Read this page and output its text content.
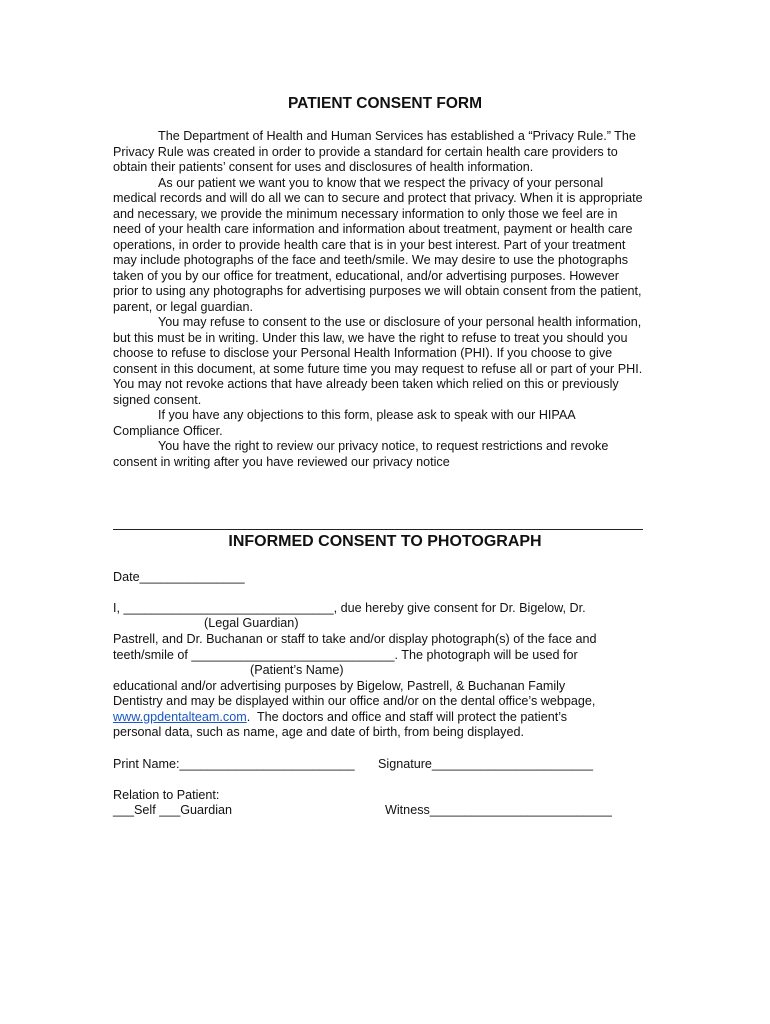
PATIENT CONSENT FORM

The Department of Health and Human Services has established a “Privacy Rule.” The Privacy Rule was created in order to provide a standard for certain health care providers to obtain their patients’ consent for uses and disclosures of health information.

As our patient we want you to know that we respect the privacy of your personal medical records and will do all we can to secure and protect that privacy. When it is appropriate and necessary, we provide the minimum necessary information to only those we feel are in need of your health care information and information about treatment, payment or health care operations, in order to provide health care that is in your best interest. Part of your treatment may include photographs of the face and teeth/smile. We may desire to use the photographs taken of you by our office for treatment, educational, and/or advertising purposes. However prior to using any photographs for advertising purposes we will obtain consent from the patient, parent, or legal guardian.

You may refuse to consent to the use or disclosure of your personal health information, but this must be in writing. Under this law, we have the right to refuse to treat you should you choose to refuse to disclose your Personal Health Information (PHI). If you choose to give consent in this document, at some future time you may request to refuse all or part of your PHI. You may not revoke actions that have already been taken which relied on this or previously signed consent.

If you have any objections to this form, please ask to speak with our HIPAA Compliance Officer.

You have the right to review our privacy notice, to request restrictions and revoke consent in writing after you have reviewed our privacy notice

INFORMED CONSENT TO PHOTOGRAPH
Date_______________
I, ______________________________, due hereby give consent for Dr. Bigelow, Dr.
(Legal Guardian)
Pastrell, and Dr. Buchanan or staff to take and/or display photograph(s) of the face and
teeth/smile of _____________________________. The photograph will be used for
(Patient’s Name)
educational and/or advertising purposes by Bigelow, Pastrell, & Buchanan Family
Dentistry and may be displayed within our office and/or on the dental office’s webpage,
www.gpdentalteam.com.  The doctors and office and staff will protect the patient’s
personal data, such as name, age and date of birth, from being displayed.
Print Name:_________________________ Signature_______________________
Relation to Patient:
___Self ___Guardian	Witness__________________________
